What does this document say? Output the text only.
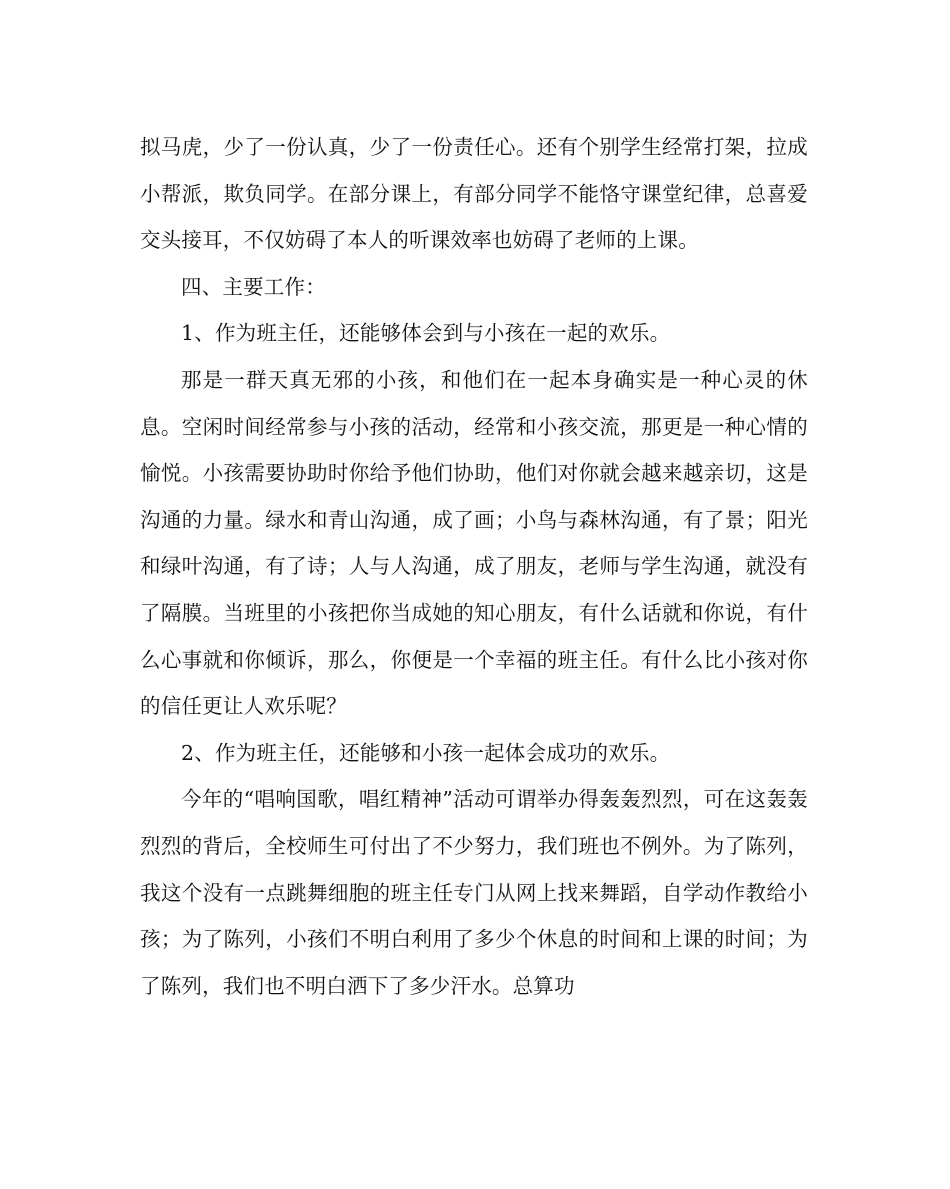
拟马虎，少了一份认真，少了一份责任心。还有个别学生经常打架，拉成小帮派，欺负同学。在部分课上，有部分同学不能恪守课堂纪律，总喜爱交头接耳，不仅妨碍了本人的听课效率也妨碍了老师的上课。

四、主要工作：

1、作为班主任，还能够体会到与小孩在一起的欢乐。

那是一群天真无邪的小孩，和他们在一起本身确实是一种心灵的休息。空闲时间经常参与小孩的活动，经常和小孩交流，那更是一种心情的愉悦。小孩需要协助时你给予他们协助，他们对你就会越来越亲切，这是沟通的力量。绿水和青山沟通，成了画；小鸟与森林沟通，有了景；阳光和绿叶沟通，有了诗；人与人沟通，成了朋友，老师与学生沟通，就没有了隔膜。当班里的小孩把你当成她的知心朋友，有什么话就和你说，有什么心事就和你倾诉，那么，你便是一个幸福的班主任。有什么比小孩对你的信任更让人欢乐呢？

2、作为班主任，还能够和小孩一起体会成功的欢乐。

今年的“唱响国歌，唱红精神”活动可谓举办得轰轰烈烈，可在这轰轰烈烈的背后，全校师生可付出了不少努力，我们班也不例外。为了陈列，我这个没有一点跳舞细胞的班主任专门从网上找来舞蹈，自学动作教给小孩；为了陈列，小孩们不明白利用了多少个休息的时间和上课的时间；为了陈列，我们也不明白洒下了多少汗水。总算功
